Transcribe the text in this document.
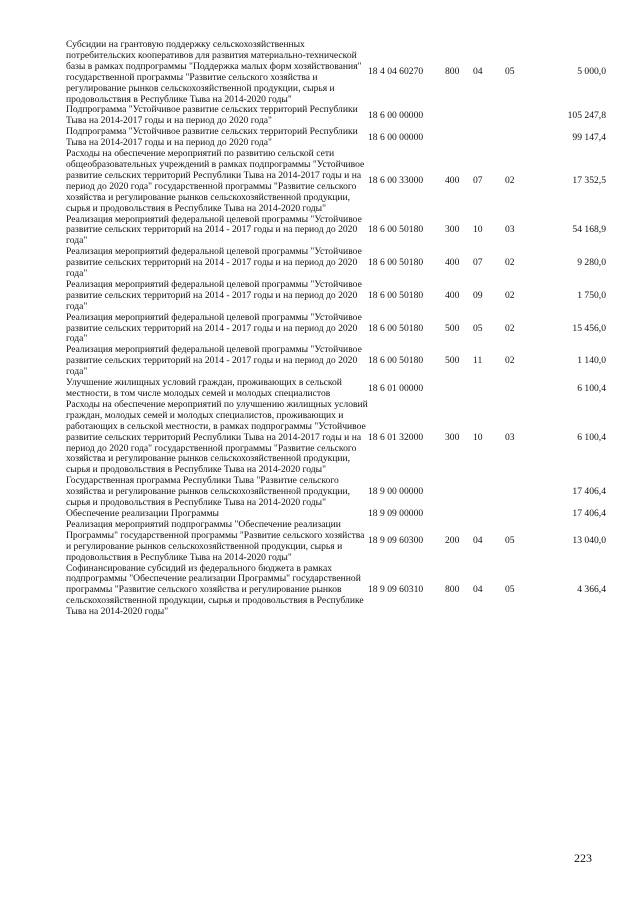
Субсидии на грантовую поддержку сельскохозяйственных потребительских кооперативов для развития материально-технической базы в рамках подпрограммы "Поддержка малых форм хозяйствования" государственной программы "Развитие сельского хозяйства и регулирование рынков сельскохозяйственной продукции, сырья и продовольствия в Республике Тыва на 2014-2020 годы"	18 4 04 60270	800	04	05	5 000,0
Подпрограмма "Устойчивое развитие сельских территорий Республики Тыва на 2014-2017 годы и на период до 2020 года"	18 6 00 00000				105 247,8
Подпрограмма "Устойчивое развитие сельских территорий Республики Тыва на 2014-2017 годы и на период до 2020 года"	18 6 00 00000				99 147,4
Расходы на обеспечение мероприятий по развитию сельской сети общеобразовательных учреждений в рамках подпрограммы "Устойчивое развитие сельских территорий Республики Тыва на 2014-2017 годы и на период до 2020 года" государственной программы "Развитие сельского хозяйства и регулирование рынков сельскохозяйственной продукции, сырья и продовольствия в Республике Тыва на 2014-2020 годы"	18 6 00 33000	400	07	02	17 352,5
Реализация мероприятий федеральной целевой программы "Устойчивое развитие сельских территорий на 2014 - 2017 годы и на период до 2020 года"	18 6 00 50180	300	10	03	54 168,9
Реализация мероприятий федеральной целевой программы "Устойчивое развитие сельских территорий на 2014 - 2017 годы и на период до 2020 года"	18 6 00 50180	400	07	02	9 280,0
Реализация мероприятий федеральной целевой программы "Устойчивое развитие сельских территорий на 2014 - 2017 годы и на период до 2020 года"	18 6 00 50180	400	09	02	1 750,0
Реализация мероприятий федеральной целевой программы "Устойчивое развитие сельских территорий на 2014 - 2017 годы и на период до 2020 года"	18 6 00 50180	500	05	02	15 456,0
Реализация мероприятий федеральной целевой программы "Устойчивое развитие сельских территорий на 2014 - 2017 годы и на период до 2020 года"	18 6 00 50180	500	11	02	1 140,0
Улучшение жилищных условий граждан, проживающих в сельской местности, в том числе молодых семей и молодых специалистов	18 6 01 00000				6 100,4
Расходы на обеспечение мероприятий по улучшению жилищных условий граждан, молодых семей и молодых специалистов, проживающих и работающих в сельской местности, в рамках подпрограммы "Устойчивое развитие сельских территорий Республики Тыва на 2014-2017 годы и на период до 2020 года" государственной программы "Развитие сельского хозяйства и регулирование рынков сельскохозяйственной продукции, сырья и продовольствия в Республике Тыва на 2014-2020 годы"	18 6 01 32000	300	10	03	6 100,4
Государственная программа Республики Тыва "Развитие сельского хозяйства и регулирование рынков сельскохозяйственной продукции, сырья и продовольствия в Республике Тыва на 2014-2020 годы"	18 9 00 00000				17 406,4
Обеспечение реализации Программы	18 9 09 00000				17 406,4
Реализация мероприятий подпрограммы "Обеспечение реализации Программы" государственной программы "Развитие сельского хозяйства и регулирование рынков сельскохозяйственной продукции, сырья и продовольствия в Республике Тыва на 2014-2020 годы"	18 9 09 60300	200	04	05	13 040,0
Софинансирование субсидий из федерального бюджета в рамках подпрограммы "Обеспечение реализации Программы" государственной программы "Развитие сельского хозяйства и регулирование рынков сельскохозяйственной продукции, сырья и продовольствия в Республике Тыва на 2014-2020 годы"	18 9 09 60310	800	04	05	4 366,4
223
